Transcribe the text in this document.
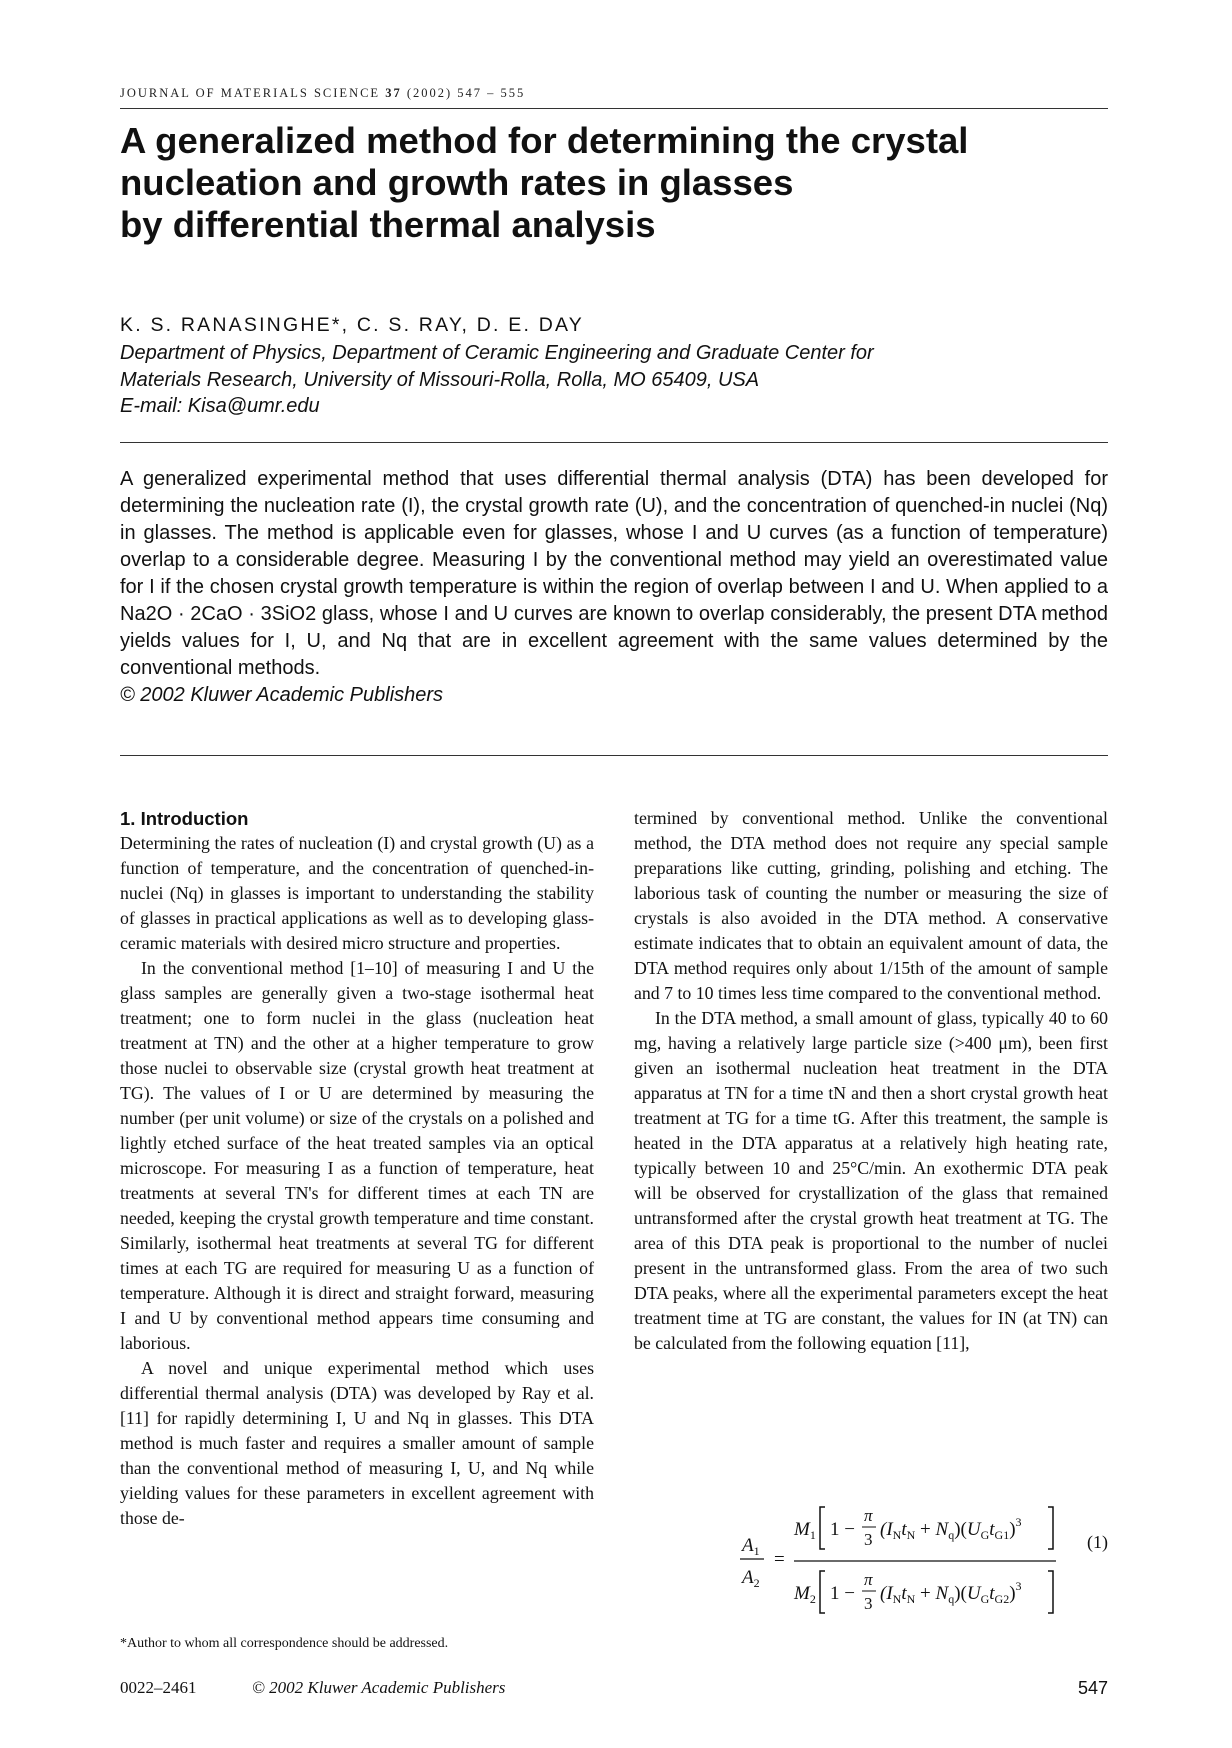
JOURNAL OF MATERIALS SCIENCE 37 (2002) 547 – 555
A generalized method for determining the crystal
nucleation and growth rates in glasses
by differential thermal analysis
K. S. RANASINGHE*, C. S. RAY, D. E. DAY
Department of Physics, Department of Ceramic Engineering and Graduate Center for
Materials Research, University of Missouri-Rolla, Rolla, MO 65409, USA
E-mail: Kisa@umr.edu

A generalized experimental method that uses differential thermal analysis (DTA) has been developed for determining the nucleation rate (I), the crystal growth rate (U), and the concentration of quenched-in nuclei (Nq) in glasses. The method is applicable even for glasses, whose I and U curves (as a function of temperature) overlap to a considerable degree. Measuring I by the conventional method may yield an overestimated value for I if the chosen crystal growth temperature is within the region of overlap between I and U. When applied to a Na2O · 2CaO · 3SiO2 glass, whose I and U curves are known to overlap considerably, the present DTA method yields values for I, U, and Nq that are in excellent agreement with the same values determined by the conventional methods.

© 2002 Kluwer Academic Publishers

1. Introduction

Determining the rates of nucleation (I) and crystal growth (U) as a function of temperature, and the concentration of quenched-in-nuclei (Nq) in glasses is important to understanding the stability of glasses in practical applications as well as to developing glass-ceramic materials with desired micro structure and properties.

In the conventional method [1–10] of measuring I and U the glass samples are generally given a two-stage isothermal heat treatment; one to form nuclei in the glass (nucleation heat treatment at TN) and the other at a higher temperature to grow those nuclei to observable size (crystal growth heat treatment at TG). The values of I or U are determined by measuring the number (per unit volume) or size of the crystals on a polished and lightly etched surface of the heat treated samples via an optical microscope. For measuring I as a function of temperature, heat treatments at several TN's for different times at each TN are needed, keeping the crystal growth temperature and time constant. Similarly, isothermal heat treatments at several TG for different times at each TG are required for measuring U as a function of temperature. Although it is direct and straight forward, measuring I and U by conventional method appears time consuming and laborious.

A novel and unique experimental method which uses differential thermal analysis (DTA) was developed by Ray et al. [11] for rapidly determining I, U and Nq in glasses. This DTA method is much faster and requires a smaller amount of sample than the conventional method of measuring I, U, and Nq while yielding values for these parameters in excellent agreement with those de-

termined by conventional method. Unlike the conventional method, the DTA method does not require any special sample preparations like cutting, grinding, polishing and etching. The laborious task of counting the number or measuring the size of crystals is also avoided in the DTA method. A conservative estimate indicates that to obtain an equivalent amount of data, the DTA method requires only about 1/15th of the amount of sample and 7 to 10 times less time compared to the conventional method.

In the DTA method, a small amount of glass, typically 40 to 60 mg, having a relatively large particle size (>400 μm), been first given an isothermal nucleation heat treatment in the DTA apparatus at TN for a time tN and then a short crystal growth heat treatment at TG for a time tG. After this treatment, the sample is heated in the DTA apparatus at a relatively high heating rate, typically between 10 and 25°C/min. An exothermic DTA peak will be observed for crystallization of the glass that remained untransformed after the crystal growth heat treatment at TG. The area of this DTA peak is proportional to the number of nuclei present in the untransformed glass. From the area of two such DTA peaks, where all the experimental parameters except the heat treatment time at TG are constant, the values for IN (at TN) can be calculated from the following equation [11],

$A_1$
$A_2$
=
$M_1$ 1 −
π
3 $(I_Nt_N + N_q)(U_Gt_{G1})^3$
$M_2$ 1 −
π
3 $(I_Nt_N + N_q)(U_Gt_{G2})^3$
(1)
*Author to whom all correspondence should be addressed.
0022–2461	© 2002 Kluwer Academic Publishers	547
